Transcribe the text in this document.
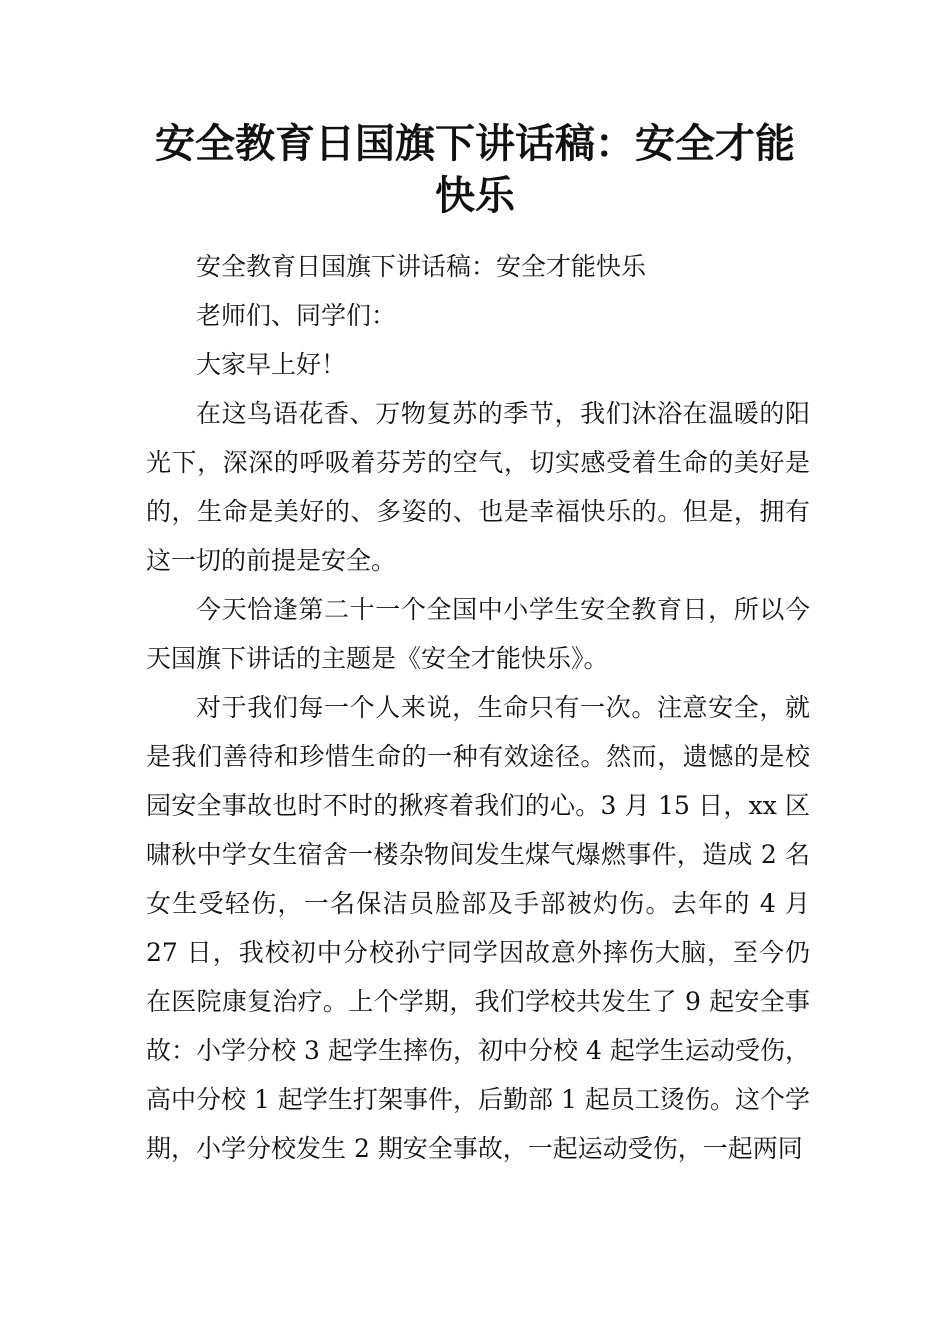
安全教育日国旗下讲话稿：安全才能快乐

安全教育日国旗下讲话稿：安全才能快乐

老师们、同学们：

大家早上好！

在这鸟语花香、万物复苏的季节，我们沐浴在温暖的阳光下，深深的呼吸着芬芳的空气，切实感受着生命的美好是的，生命是美好的、多姿的、也是幸福快乐的。但是，拥有这一切的前提是安全。

今天恰逢第二十一个全国中小学生安全教育日，所以今天国旗下讲话的主题是《安全才能快乐》。

对于我们每一个人来说，生命只有一次。注意安全，就是我们善待和珍惜生命的一种有效途径。然而，遗憾的是校园安全事故也时不时的揪疼着我们的心。3 月 15 日，xx 区啸秋中学女生宿舍一楼杂物间发生煤气爆燃事件，造成 2 名女生受轻伤，一名保洁员脸部及手部被灼伤。去年的 4 月 27 日，我校初中分校孙宁同学因故意外摔伤大脑，至今仍在医院康复治疗。上个学期，我们学校共发生了 9 起安全事故：小学分校 3 起学生摔伤，初中分校 4 起学生运动受伤，高中分校 1 起学生打架事件，后勤部 1 起员工烫伤。这个学期，小学分校发生 2 期安全事故，一起运动受伤，一起两同
